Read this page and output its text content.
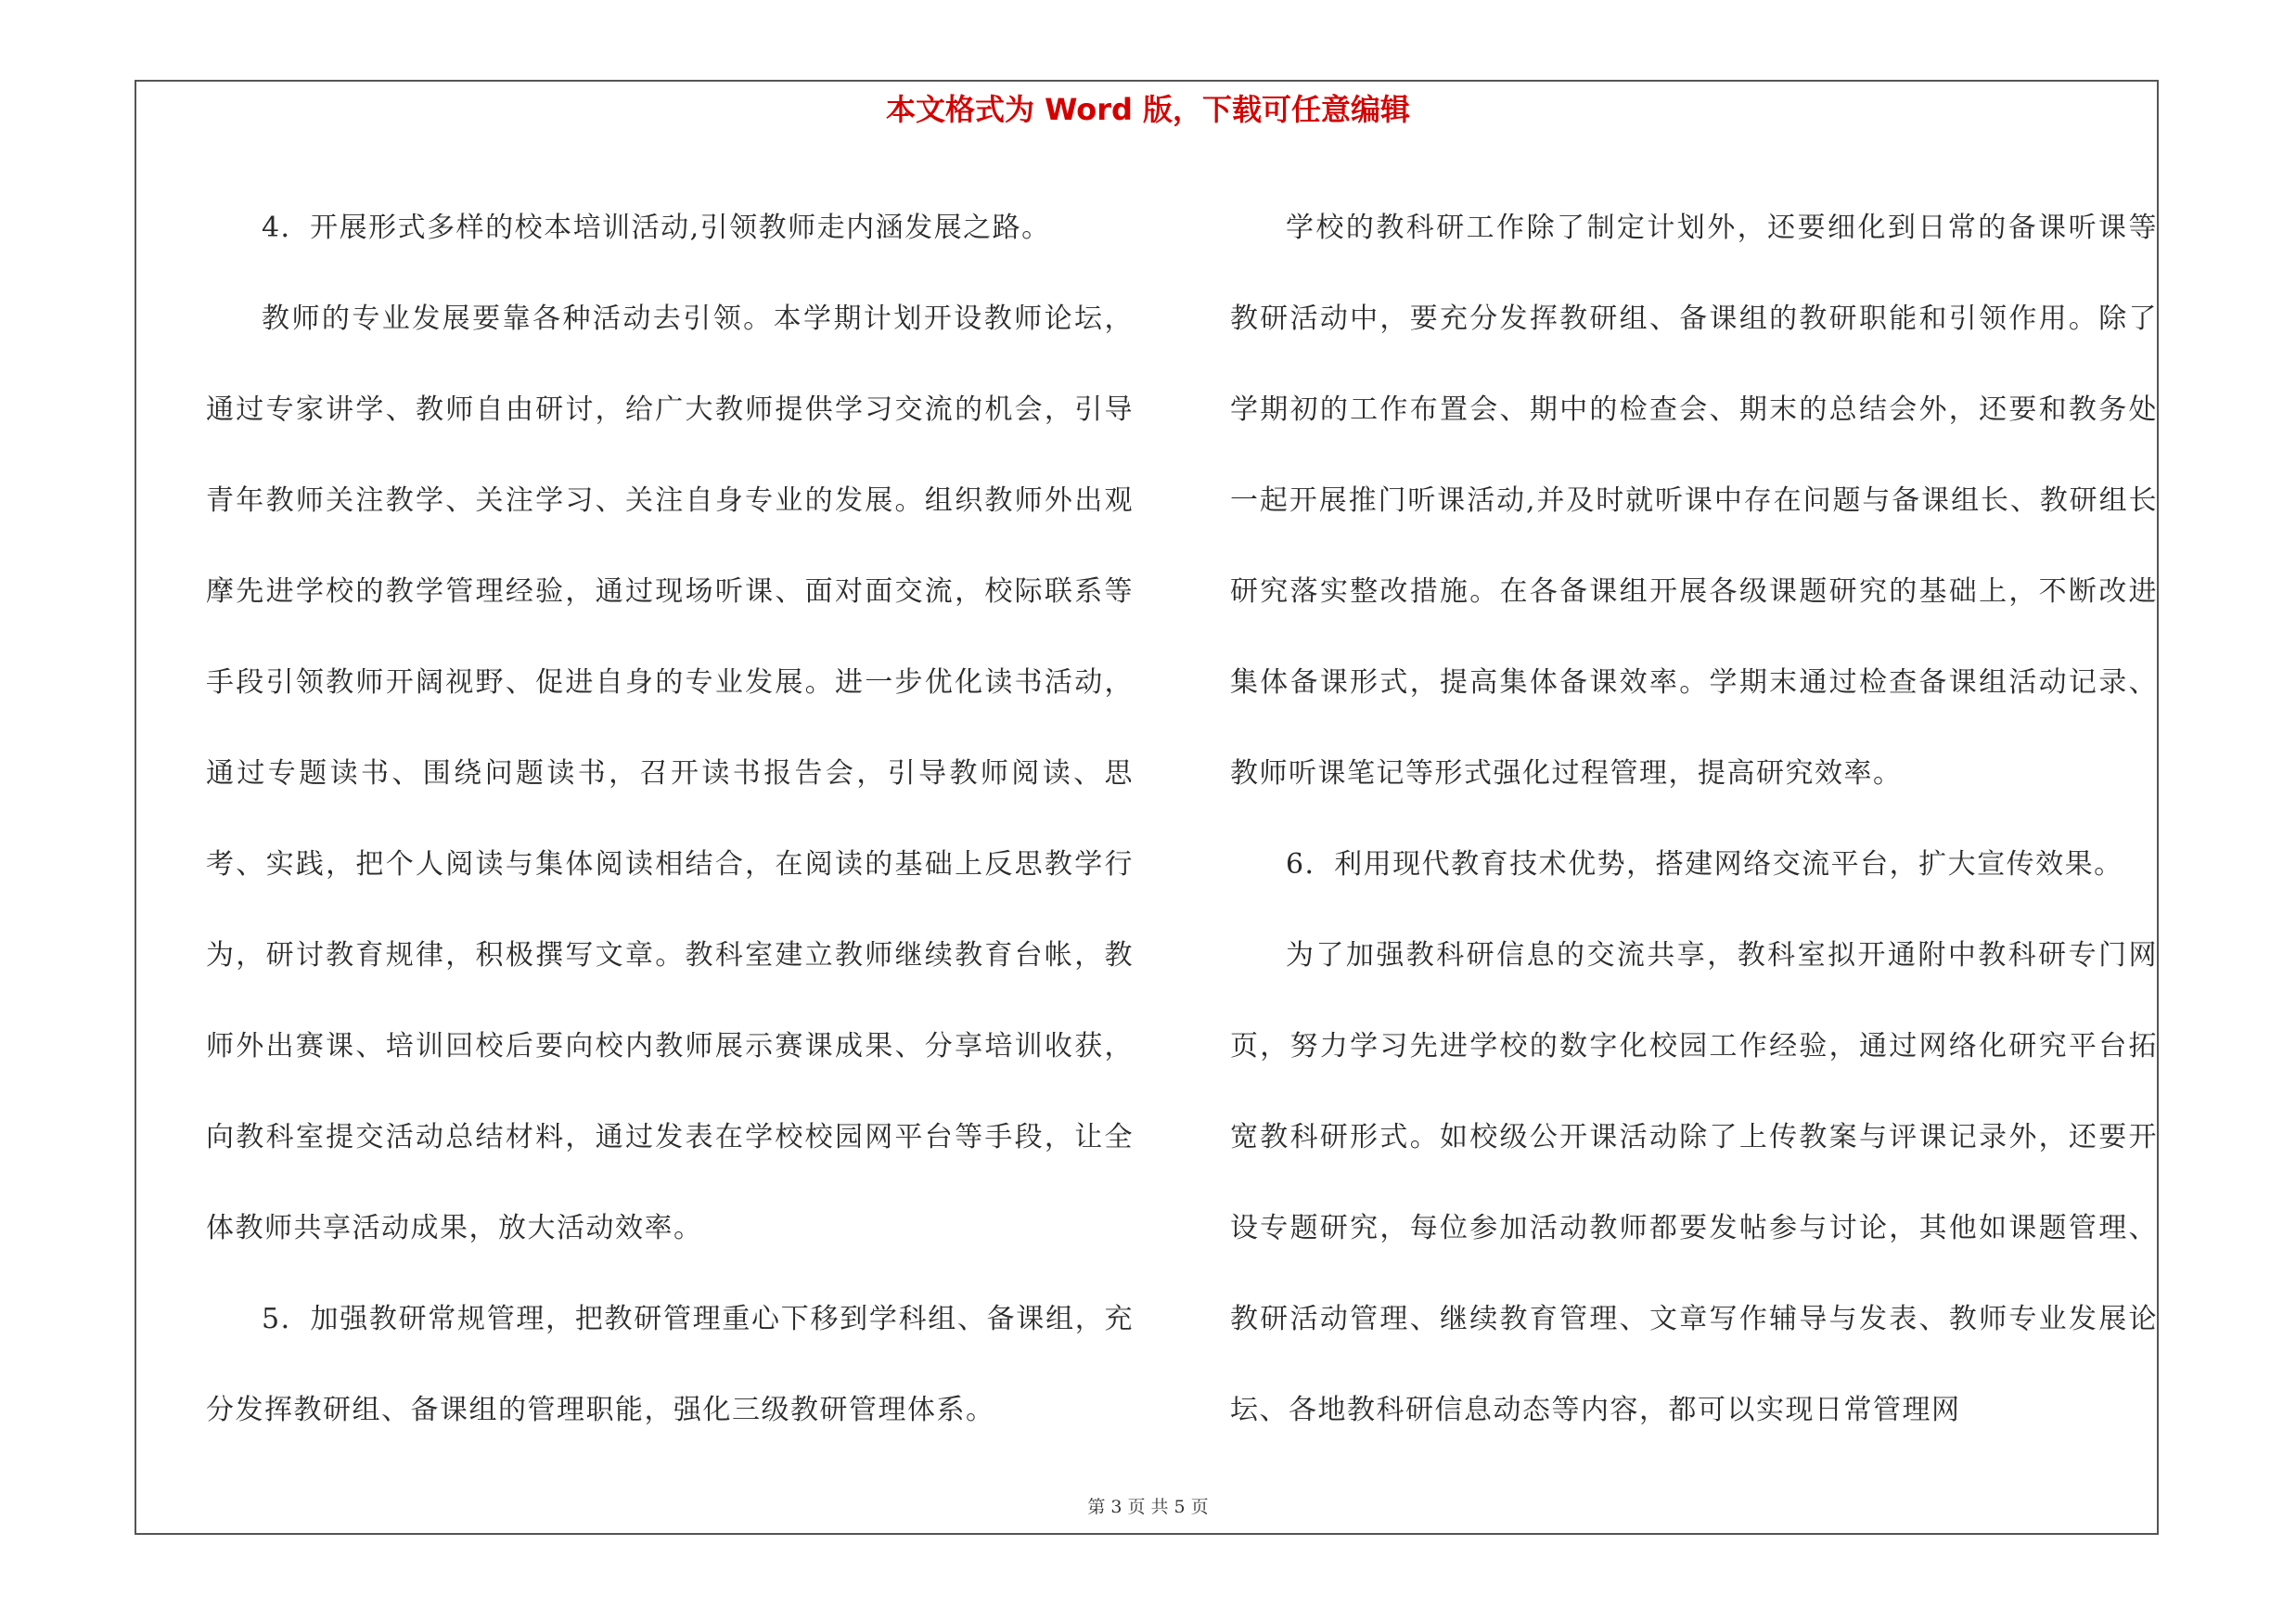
本文格式为 Word 版，下载可任意编辑

4．开展形式多样的校本培训活动,引领教师走内涵发展之路。

教师的专业发展要靠各种活动去引领。本学期计划开设教师论坛，通过专家讲学、教师自由研讨，给广大教师提供学习交流的机会，引导青年教师关注教学、关注学习、关注自身专业的发展。组织教师外出观摩先进学校的教学管理经验，通过现场听课、面对面交流，校际联系等手段引领教师开阔视野、促进自身的专业发展。进一步优化读书活动，通过专题读书、围绕问题读书，召开读书报告会，引导教师阅读、思考、实践，把个人阅读与集体阅读相结合，在阅读的基础上反思教学行为，研讨教育规律，积极撰写文章。教科室建立教师继续教育台帐，教师外出赛课、培训回校后要向校内教师展示赛课成果、分享培训收获，向教科室提交活动总结材料，通过发表在学校校园网平台等手段，让全体教师共享活动成果，放大活动效率。

5．加强教研常规管理，把教研管理重心下移到学科组、备课组，充分发挥教研组、备课组的管理职能，强化三级教研管理体系。

学校的教科研工作除了制定计划外，还要细化到日常的备课听课等教研活动中，要充分发挥教研组、备课组的教研职能和引领作用。除了学期初的工作布置会、期中的检查会、期末的总结会外，还要和教务处一起开展推门听课活动,并及时就听课中存在问题与备课组长、教研组长研究落实整改措施。在各备课组开展各级课题研究的基础上，不断改进集体备课形式，提高集体备课效率。学期末通过检查备课组活动记录、教师听课笔记等形式强化过程管理，提高研究效率。

6．利用现代教育技术优势，搭建网络交流平台，扩大宣传效果。

为了加强教科研信息的交流共享，教科室拟开通附中教科研专门网页，努力学习先进学校的数字化校园工作经验，通过网络化研究平台拓宽教科研形式。如校级公开课活动除了上传教案与评课记录外，还要开设专题研究，每位参加活动教师都要发帖参与讨论，其他如课题管理、教研活动管理、继续教育管理、文章写作辅导与发表、教师专业发展论坛、各地教科研信息动态等内容，都可以实现日常管理网

第 3 页 共 5 页
